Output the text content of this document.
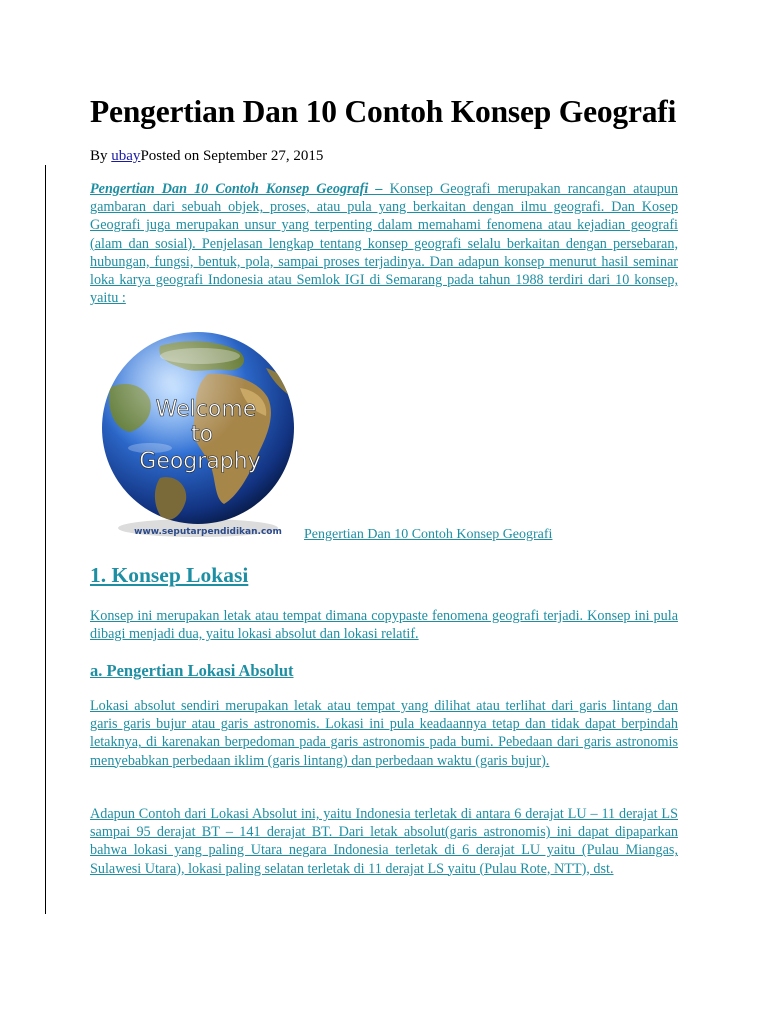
Pengertian Dan 10 Contoh Konsep Geografi
By ubayPosted on September 27, 2015

Pengertian Dan 10 Contoh Konsep Geografi – Konsep Geografi merupakan rancangan ataupun gambaran dari sebuah objek, proses, atau pula yang berkaitan dengan ilmu geografi. Dan Kosep Geografi juga merupakan unsur yang terpenting dalam memahami fenomena atau kejadian geografi (alam dan sosial). Penjelasan lengkap tentang konsep geografi selalu berkaitan dengan persebaran, hubungan, fungsi, bentuk, pola, sampai proses terjadinya. Dan adapun konsep menurut hasil seminar loka karya geografi Indonesia atau Semlok IGI di Semarang pada tahun 1988 terdiri dari 10 konsep, yaitu :

Welcome
to
Geography
www.seputarpendidikan.com Pengertian Dan 10 Contoh Konsep Geografi
1. Konsep Lokasi

Konsep ini merupakan letak atau tempat dimana copypaste fenomena geografi terjadi. Konsep ini pula dibagi menjadi dua, yaitu lokasi absolut dan lokasi relatif.

a. Pengertian Lokasi Absolut

Lokasi absolut sendiri merupakan letak atau tempat yang dilihat atau terlihat dari garis lintang dan garis garis bujur atau garis astronomis. Lokasi ini pula keadaannya tetap dan tidak dapat berpindah letaknya, di karenakan berpedoman pada garis astronomis pada bumi. Pebedaan dari garis astronomis menyebabkan perbedaan iklim (garis lintang) dan perbedaan waktu (garis bujur).

Adapun Contoh dari Lokasi Absolut ini, yaitu Indonesia terletak di antara 6 derajat LU – 11 derajat LS sampai 95 derajat BT – 141 derajat BT. Dari letak absolut(garis astronomis) ini dapat dipaparkan bahwa lokasi yang paling Utara negara Indonesia terletak di 6 derajat LU yaitu (Pulau Miangas, Sulawesi Utara), lokasi paling selatan terletak di 11 derajat LS yaitu (Pulau Rote, NTT), dst.
